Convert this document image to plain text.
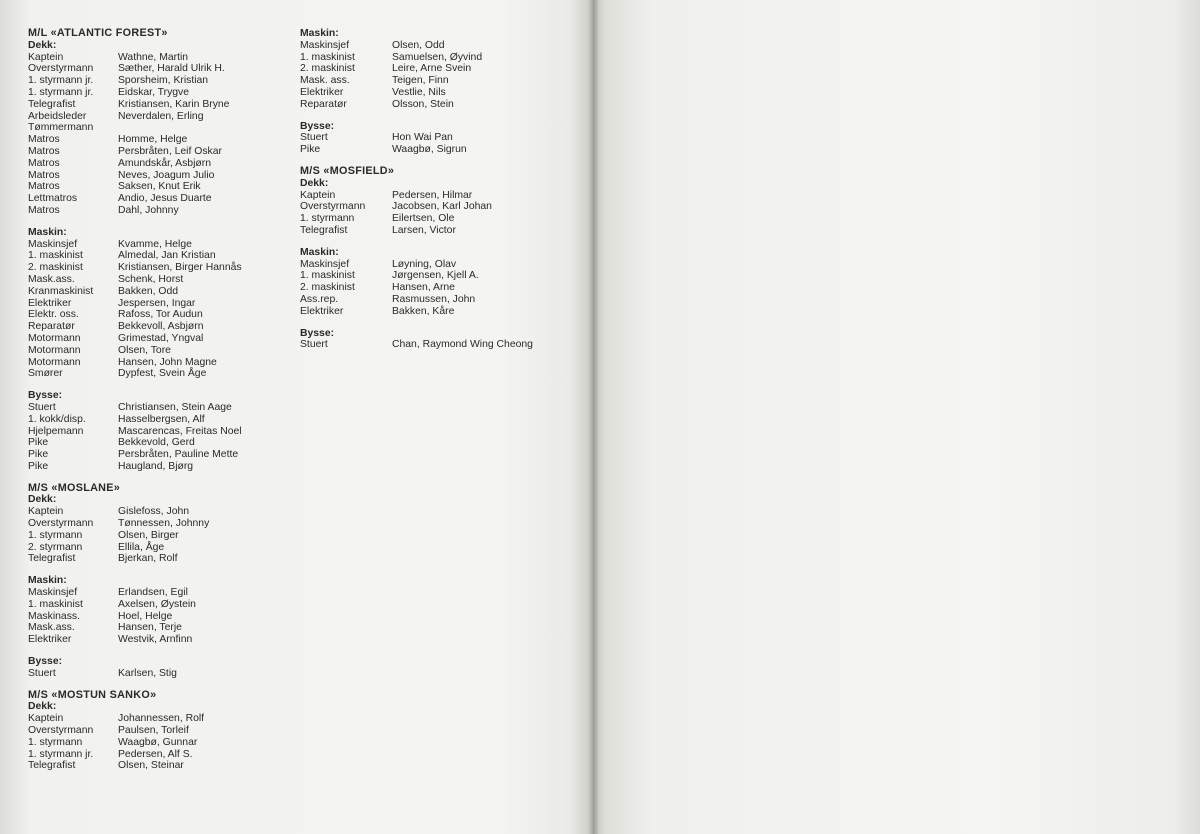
M/L «ATLANTIC FOREST»
Dekk:
Kaptein	Wathne, Martin
Overstyrmann	Sæther, Harald Ulrik H.
1. styrmann jr.	Sporsheim, Kristian
1. styrmann jr.	Eidskar, Trygve
Telegrafist	Kristiansen, Karin Bryne
Arbeidsleder	Neverdalen, Erling
Tømmermann
Matros	Homme, Helge
Matros	Persbråten, Leif Oskar
Matros	Amundskår, Asbjørn
Matros	Neves, Joagum Julio
Matros	Saksen, Knut Erik
Lettmatros	Andio, Jesus Duarte
Matros	Dahl, Johnny
Maskin:
Maskinsjef	Kvamme, Helge
1. maskinist	Almedal, Jan Kristian
2. maskinist	Kristiansen, Birger Hannås
Mask.ass.	Schenk, Horst
Kranmaskinist	Bakken, Odd
Elektriker	Jespersen, Ingar
Elektr. oss.	Rafoss, Tor Audun
Reparatør	Bekkevoll, Asbjørn
Motormann	Grimestad, Yngval
Motormann	Olsen, Tore
Motormann	Hansen, John Magne
Smører	Dypfest, Svein Åge
Bysse:
Stuert	Christiansen, Stein Aage
1. kokk/disp.	Hasselbergsen, Alf
Hjelpemann	Mascarencas, Freitas Noel
Pike	Bekkevold, Gerd
Pike	Persbråten, Pauline Mette
Pike	Haugland, Bjørg
M/S «MOSLANE»
Dekk:
Kaptein	Gislefoss, John
Overstyrmann	Tønnessen, Johnny
1. styrmann	Olsen, Birger
2. styrmann	Ellila, Åge
Telegrafist	Bjerkan, Rolf
Maskin:
Maskinsjef	Erlandsen, Egil
1. maskinist	Axelsen, Øystein
Maskinass.	Hoel, Helge
Mask.ass.	Hansen, Terje
Elektriker	Westvik, Arnfinn
Bysse:
Stuert	Karlsen, Stig
M/S «MOSTUN SANKO»
Dekk:
Kaptein	Johannessen, Rolf
Overstyrmann	Paulsen, Torleif
1. styrmann	Waagbø, Gunnar
1. styrmann jr.	Pedersen, Alf S.
Telegrafist	Olsen, Steinar
Maskin:
Maskinsjef	Olsen, Odd
1. maskinist	Samuelsen, Øyvind
2. maskinist	Leire, Arne Svein
Mask. ass.	Teigen, Finn
Elektriker	Vestlie, Nils
Reparatør	Olsson, Stein
Bysse:
Stuert	Hon Wai Pan
Pike	Waagbø, Sigrun
M/S «MOSFIELD»
Dekk:
Kaptein	Pedersen, Hilmar
Overstyrmann	Jacobsen, Karl Johan
1. styrmann	Eilertsen, Ole
Telegrafist	Larsen, Victor
Maskin:
Maskinsjef	Løyning, Olav
1. maskinist	Jørgensen, Kjell A.
2. maskinist	Hansen, Arne
Ass.rep.	Rasmussen, John
Elektriker	Bakken, Kåre
Bysse:
Stuert	Chan, Raymond Wing Cheong
